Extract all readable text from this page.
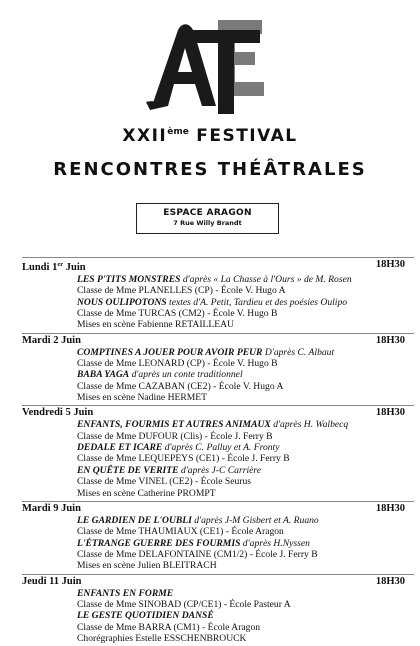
XXIIème FESTIVAL
RENCONTRES THÉÂTRALES
ESPACE ARAGON
7 Rue Willy Brandt
Lundi 1er Juin	18H30
LES P'TITS MONSTRES d'après « La Chasse à l'Ours » de M. Rosen
Classe de Mme PLANELLES (CP) - École V. Hugo A
NOUS OULIPOTONS textes d'A. Petit, Tardieu et des poésies Oulipo
Classe de Mme TURCAS (CM2) - École V. Hugo B
Mises en scène Fabienne RETAILLEAU
Mardi 2 Juin	18H30
COMPTINES A JOUER POUR AVOIR PEUR D'après C. Albaut
Classe de Mme LEONARD (CP) - École V. Hugo B
BABA YAGA d'après un conte traditionnel
Classe de Mme CAZABAN (CE2) - École V. Hugo A
Mises en scène Nadine HERMET
Vendredi 5 Juin	18H30
ENFANTS, FOURMIS ET AUTRES ANIMAUX d'après H. Walbecq
Classe de Mme DUFOUR (Clis) - École J. Ferry B
DEDALE ET ICARE d'après C. Palluy et A. Fronty
Classe de Mme LEQUEPEYS (CE1) - École J. Ferry B
EN QUÊTE DE VERITE d'après J-C Carrière
Classe de Mme VINEL (CE2) - École Seurus
Mises en scène Catherine PROMPT
Mardi 9 Juin	18H30
LE GARDIEN DE L'OUBLI d'après J-M Gisbert et A. Ruano
Classe de Mme THAUMIAUX (CE1) - École Aragon
L'ÉTRANGE GUERRE DES FOURMIS d'après H.Nyssen
Classe de Mme DELAFONTAINE (CM1/2) - École J. Ferry B
Mises en scène Julien BLEITRACH
Jeudi 11 Juin	18H30
ENFANTS EN FORME
Classe de Mme SINOBAD (CP/CE1) - École Pasteur A
LE GESTE QUOTIDIEN DANSÉ
Classe de Mme BARRA (CM1) - École Aragon
Chorégraphies Estelle ESSCHENBROUCK
